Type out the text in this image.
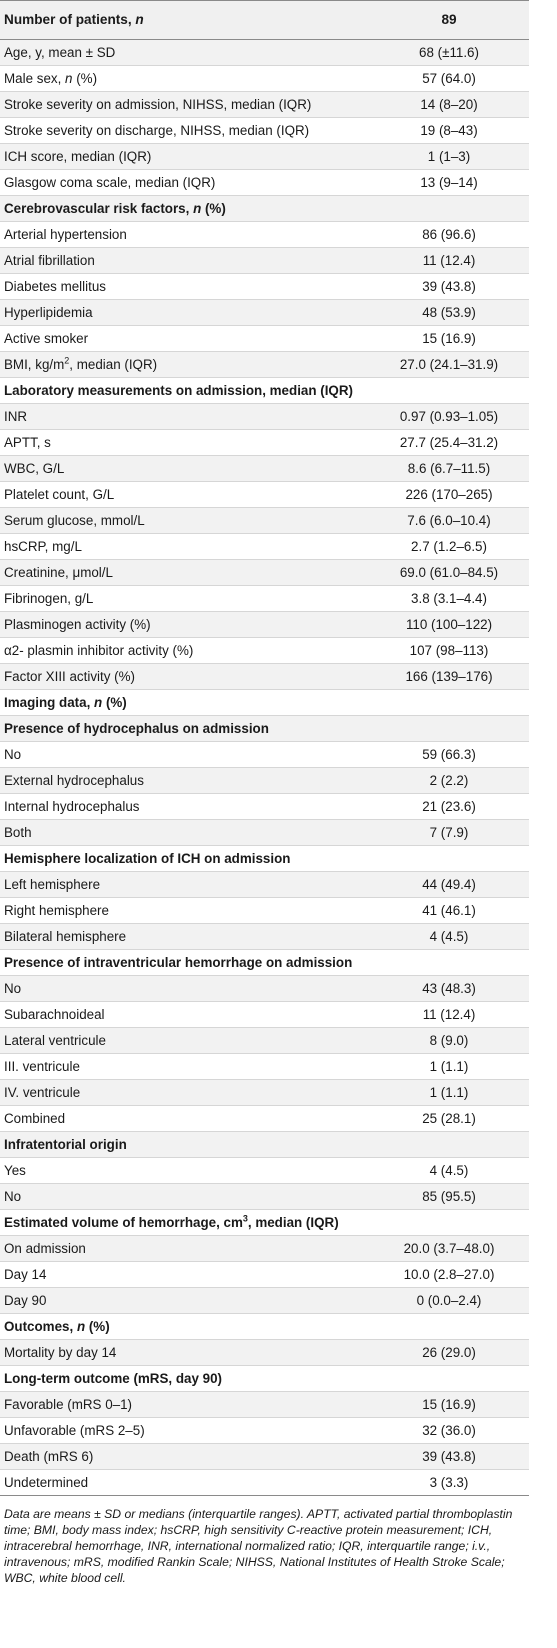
Number of patients, n	89
Age, y, mean ± SD	68 (±11.6)
Male sex, n (%)	57 (64.0)
Stroke severity on admission, NIHSS, median (IQR)	14 (8–20)
Stroke severity on discharge, NIHSS, median (IQR)	19 (8–43)
ICH score, median (IQR)	1 (1–3)
Glasgow coma scale, median (IQR)	13 (9–14)
Cerebrovascular risk factors, n (%)	
Arterial hypertension	86 (96.6)
Atrial fibrillation	11 (12.4)
Diabetes mellitus	39 (43.8)
Hyperlipidemia	48 (53.9)
Active smoker	15 (16.9)
BMI, $kg/m^2$, median (IQR)	27.0 (24.1–31.9)
Laboratory measurements on admission, median (IQR)	
INR	0.97 (0.93–1.05)
APTT, s	27.7 (25.4–31.2)
WBC, G/L	8.6 (6.7–11.5)
Platelet count, G/L	226 (170–265)
Serum glucose, mmol/L	7.6 (6.0–10.4)
hsCRP, mg/L	2.7 (1.2–6.5)
Creatinine, μmol/L	69.0 (61.0–84.5)
Fibrinogen, g/L	3.8 (3.1–4.4)
Plasminogen activity (%)	110 (100–122)
α2- plasmin inhibitor activity (%)	107 (98–113)
Factor XIII activity (%)	166 (139–176)
Imaging data, n (%)	
Presence of hydrocephalus on admission	
No	59 (66.3)
External hydrocephalus	2 (2.2)
Internal hydrocephalus	21 (23.6)
Both	7 (7.9)
Hemisphere localization of ICH on admission	
Left hemisphere	44 (49.4)
Right hemisphere	41 (46.1)
Bilateral hemisphere	4 (4.5)
Presence of intraventricular hemorrhage on admission	
No	43 (48.3)
Subarachnoideal	11 (12.4)
Lateral ventricule	8 (9.0)
III. ventricule	1 (1.1)
IV. ventricule	1 (1.1)
Combined	25 (28.1)
Infratentorial origin	
Yes	4 (4.5)
No	85 (95.5)
Estimated volume of hemorrhage, $cm^3$, median (IQR)	
On admission	20.0 (3.7–48.0)
Day 14	10.0 (2.8–27.0)
Day 90	0 (0.0–2.4)
Outcomes, n (%)	
Mortality by day 14	26 (29.0)
Long-term outcome (mRS, day 90)	
Favorable (mRS 0–1)	15 (16.9)
Unfavorable (mRS 2–5)	32 (36.0)
Death (mRS 6)	39 (43.8)
Undetermined	3 (3.3)
Data are means ± SD or medians (interquartile ranges). APTT, activated partial thromboplastin time; BMI, body mass index; hsCRP, high sensitivity C-reactive protein measurement; ICH, intracerebral hemorrhage, INR, international normalized ratio; IQR, interquartile range; i.v., intravenous; mRS, modified Rankin Scale; NIHSS, National Institutes of Health Stroke Scale; WBC, white blood cell.
